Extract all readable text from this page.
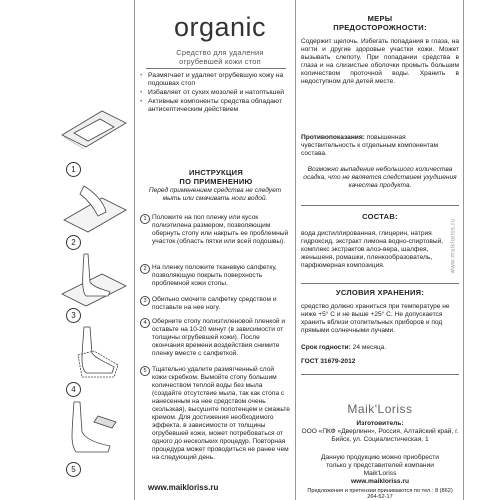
1
2
3
4
5
organic
Средство для удаления
огрубевшей кожи стоп
• Размягчает и удаляет огрубевшую кожу на подошвах стоп
• Избавляет от сухих мозолей и натоптышей
• Активные компоненты средства обладают антисептическим действием
ИНСТРУКЦИЯ
ПО ПРИМЕНЕНИЮ
Перед применением средства не следует мыть или смачивать ноги водой.
1 Положите на пол пленку или кусок полиэтилена размером, позволяющим обернуть стопу или накрыть ее проблемный участок (область пятки или всей подошвы).
2 На пленку положите тканевую салфетку, позволяющую покрыть поверхность проблемной кожи стопы.
3 Обильно смочите салфетку средством и поставьте на нее ногу.
4 Оберните стопу полиэтиленовой пленкой и оставьте на 10-20 минут (в зависимости от толщины огрубевшей кожи). После окончания времени воздействия снимите пленку вместе с салфеткой.
5 Тщательно удалите размягченный слой кожи скребком. Вымойте стопу большим количеством теплой воды без мыла (создайте отсутствие мыла, так как стопа с нанесенным на нее средством очень скользкая), высушите полотенцем и смажьте кремом. Для достижения необходимого эффекта, в зависимости от толщины огрубевшей кожи, может потребоваться от одного до нескольких процедур. Повторная процедура может проводиться не ранее чем на следующий день.
www.maikloriss.ru
МЕРЫ
ПРЕДОСТОРОЖНОСТИ:
Содержит щелочь. Избегать попадания в глаза, на ногти и другие здоровые участки кожи. Может вызывать слепоту. При попадании средства в глаза и на слизистые оболочки промыть большим количеством проточной воды. Хранить в недоступном для детей месте.
Противопоказания: повышенная чувствительность к отдельным компонентам состава.
Возможно выпадение небольшого количества осадка, что не является следствием ухудшения качества продукта.
СОСТАВ:
вода дистиллированная, глицерин, натрия гидроксид, экстракт лимона водно-спиртовый, комплекс экстрактов алоэ-вера, шалфея, женьшеня, ромашки, пленкообразователь, парфюмерная композиция.
УСЛОВИЯ ХРАНЕНИЯ:
средство должно храниться при температуре не ниже +5° С и не выше +25° С. Не допускается хранить вблизи отопительных приборов и под прямыми солнечными лучами.
Срок годности: 24 месяца.
ГОСТ 31679-2012
Maik'Loriss
Изготовитель:
ООО «ПКФ «Дверлинн», Россия, Алтайский край, г. Бийск, ул. Социалистическая, 1
Данную продукцию можно приобрести только у представителей компании Maik'Loriss
www.maikloriss.ru
Предложения и претензии принимаются по тел.: 8 (862) 264-52-17
www.maikloriss.ru
